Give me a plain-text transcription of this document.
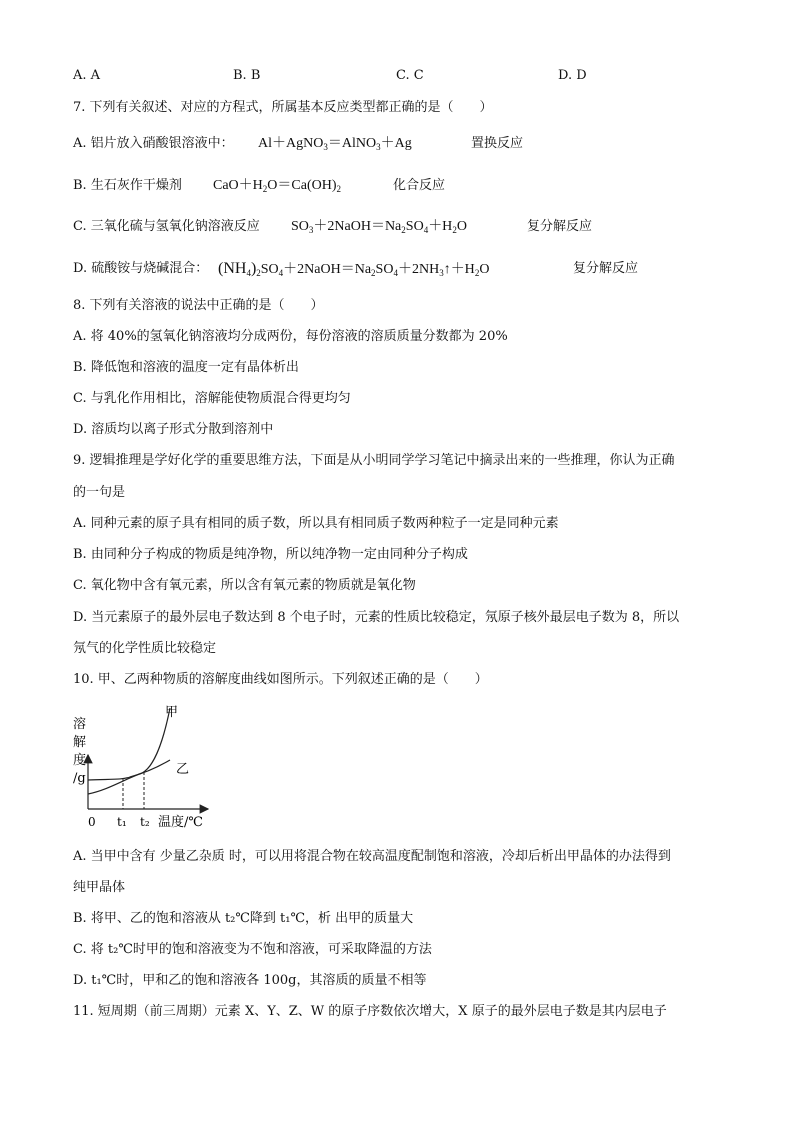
A. A	B. B	C. C	D. D
7. 下列有关叙述、对应的方程式，所属基本反应类型都正确的是（　　）
A. 铝片放入硝酸银溶液中： Al＋AgNO$_3$＝AlNO$_3$＋Ag	置换反应
B. 生石灰作干燥剂 $CaO+H_2O=Ca(OH)_2$	化合反应
C. 三氧化硫与氢氧化钠溶液反应 $SO_3+2NaOH=Na_2SO_4+H_2O$	复分解反应
D. 硫酸铵与烧碱混合： $(NH_4)_2SO_4+2NaOH=Na_2SO_4+2NH_3↑+H_2O$	复分解反应
8. 下列有关溶液的说法中正确的是（　　）
A. 将 40%的氢氧化钠溶液均分成两份，每份溶液的溶质质量分数都为 20%
B. 降低饱和溶液的温度一定有晶体析出
C. 与乳化作用相比，溶解能使物质混合得更均匀
D. 溶质均以离子形式分散到溶剂中
9. 逻辑推理是学好化学的重要思维方法，下面是从小明同学学习笔记中摘录出来的一些推理，你认为正确
的一句是
A. 同种元素的原子具有相同的质子数，所以具有相同质子数两种粒子一定是同种元素
B. 由同种分子构成的物质是纯净物，所以纯净物一定由同种分子构成
C. 氧化物中含有氧元素，所以含有氧元素的物质就是氧化物
D. 当元素原子的最外层电子数达到 8 个电子时，元素的性质比较稳定，氖原子核外最层电子数为 8，所以
氖气的化学性质比较稳定
10. 甲、乙两种物质的溶解度曲线如图所示。下列叙述正确的是（　　）
溶
解
度
/g
甲
乙
0 t₁ t₂ 温度/℃
A. 当甲中含有 少量乙杂质 时，可以用将混合物在较高温度配制饱和溶液，冷却后析出甲晶体的办法得到
纯甲晶体
B. 将甲、乙的饱和溶液从 t₂℃降到 t₁℃，析 出甲的质量大
C. 将 t₂℃时甲的饱和溶液变为不饱和溶液，可采取降温的方法
D. t₁℃时，甲和乙的饱和溶液各 100g，其溶质的质量不相等
11. 短周期（前三周期）元素 X、Y、Z、W 的原子序数依次增大，X 原子的最外层电子数是其内层电子
